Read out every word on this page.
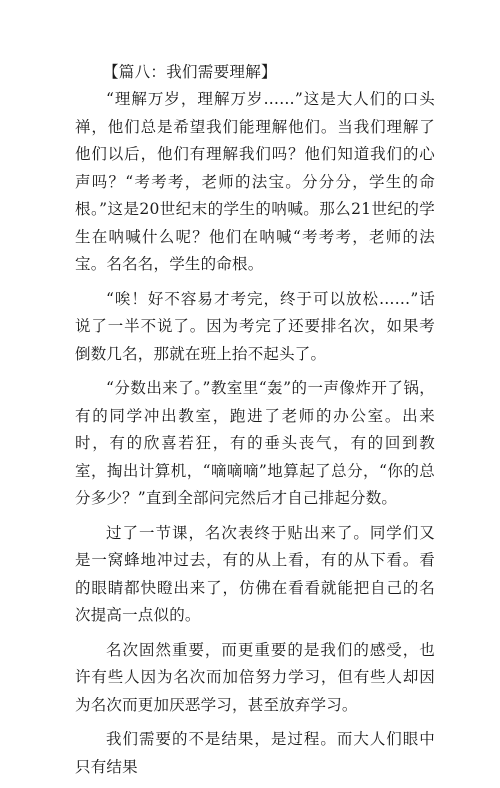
【篇八：我们需要理解】

“理解万岁，理解万岁……”这是大人们的口头禅，他们总是希望我们能理解他们。当我们理解了他们以后，他们有理解我们吗？他们知道我们的心声吗？“考考考，老师的法宝。分分分，学生的命根。”这是20世纪末的学生的呐喊。那么21世纪的学生在呐喊什么呢？他们在呐喊“考考考，老师的法宝。名名名，学生的命根。

“唉！好不容易才考完，终于可以放松……”话说了一半不说了。因为考完了还要排名次，如果考倒数几名，那就在班上抬不起头了。

“分数出来了。”教室里“轰”的一声像炸开了锅，有的同学冲出教室，跑进了老师的办公室。出来时，有的欣喜若狂，有的垂头丧气，有的回到教室，掏出计算机，“嘀嘀嘀”地算起了总分，“你的总分多少？”直到全部问完然后才自己排起分数。

过了一节课，名次表终于贴出来了。同学们又是一窝蜂地冲过去，有的从上看，有的从下看。看的眼睛都快瞪出来了，仿佛在看看就能把自己的名次提高一点似的。

名次固然重要，而更重要的是我们的感受，也许有些人因为名次而加倍努力学习，但有些人却因为名次而更加厌恶学习，甚至放弃学习。

我们需要的不是结果，是过程。而大人们眼中只有结果
